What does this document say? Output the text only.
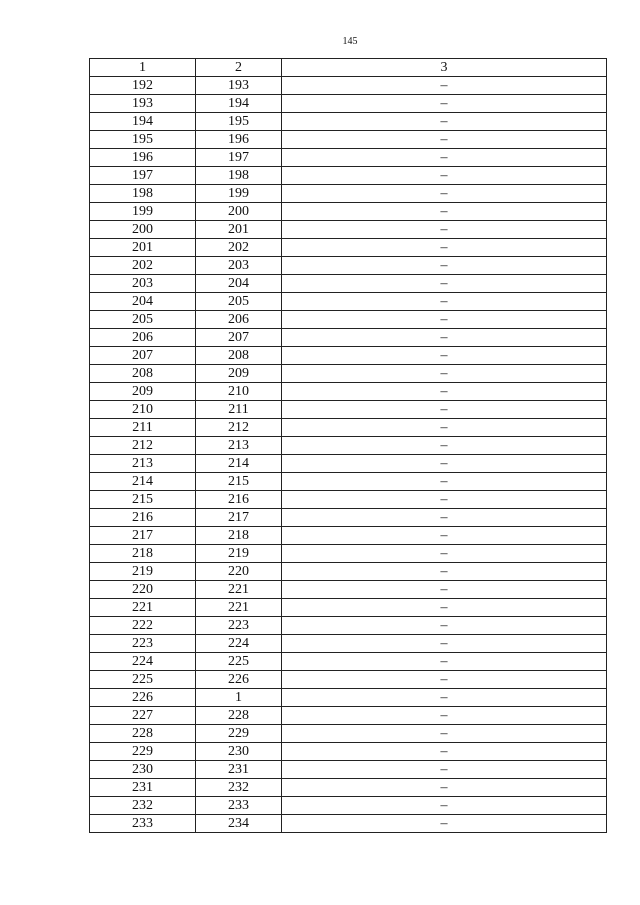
145
1	2	3
192	193	–
193	194	–
194	195	–
195	196	–
196	197	–
197	198	–
198	199	–
199	200	–
200	201	–
201	202	–
202	203	–
203	204	–
204	205	–
205	206	–
206	207	–
207	208	–
208	209	–
209	210	–
210	211	–
211	212	–
212	213	–
213	214	–
214	215	–
215	216	–
216	217	–
217	218	–
218	219	–
219	220	–
220	221	–
221	221	–
222	223	–
223	224	–
224	225	–
225	226	–
226	1	–
227	228	–
228	229	–
229	230	–
230	231	–
231	232	–
232	233	–
233	234	–
